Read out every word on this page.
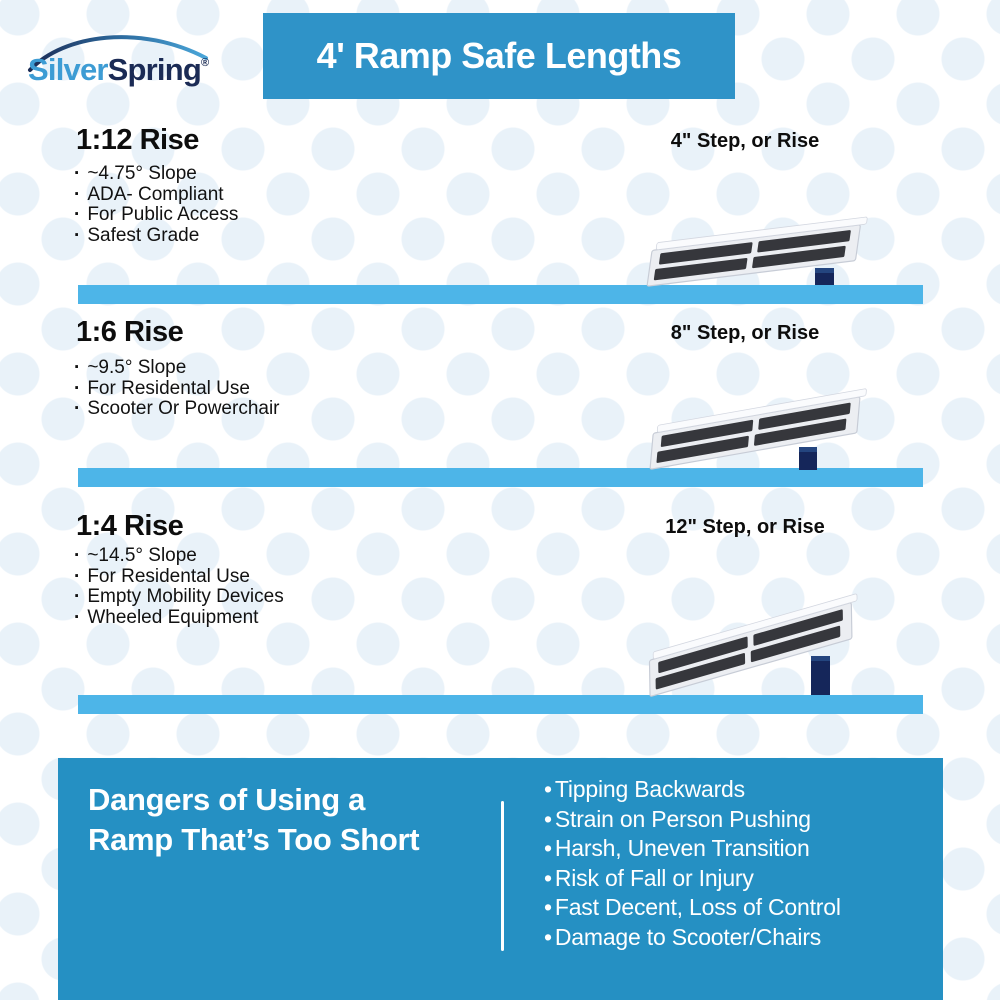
SilverSpring®	4' Ramp Safe Lengths
1:12 Rise
· ~4.75° Slope
· ADA- Compliant
· For Public Access
· Safest Grade
4" Step, or Rise
1:6 Rise
· ~9.5° Slope
· For Residental Use
· Scooter Or Powerchair
8" Step, or Rise
1:4 Rise
· ~14.5° Slope
· For Residental Use
· Empty Mobility Devices
· Wheeled Equipment
12" Step, or Rise
Dangers of Using a
Ramp That’s Too Short
• Tipping Backwards
• Strain on Person Pushing
• Harsh, Uneven Transition
• Risk of Fall or Injury
• Fast Decent, Loss of Control
• Damage to Scooter/Chairs
